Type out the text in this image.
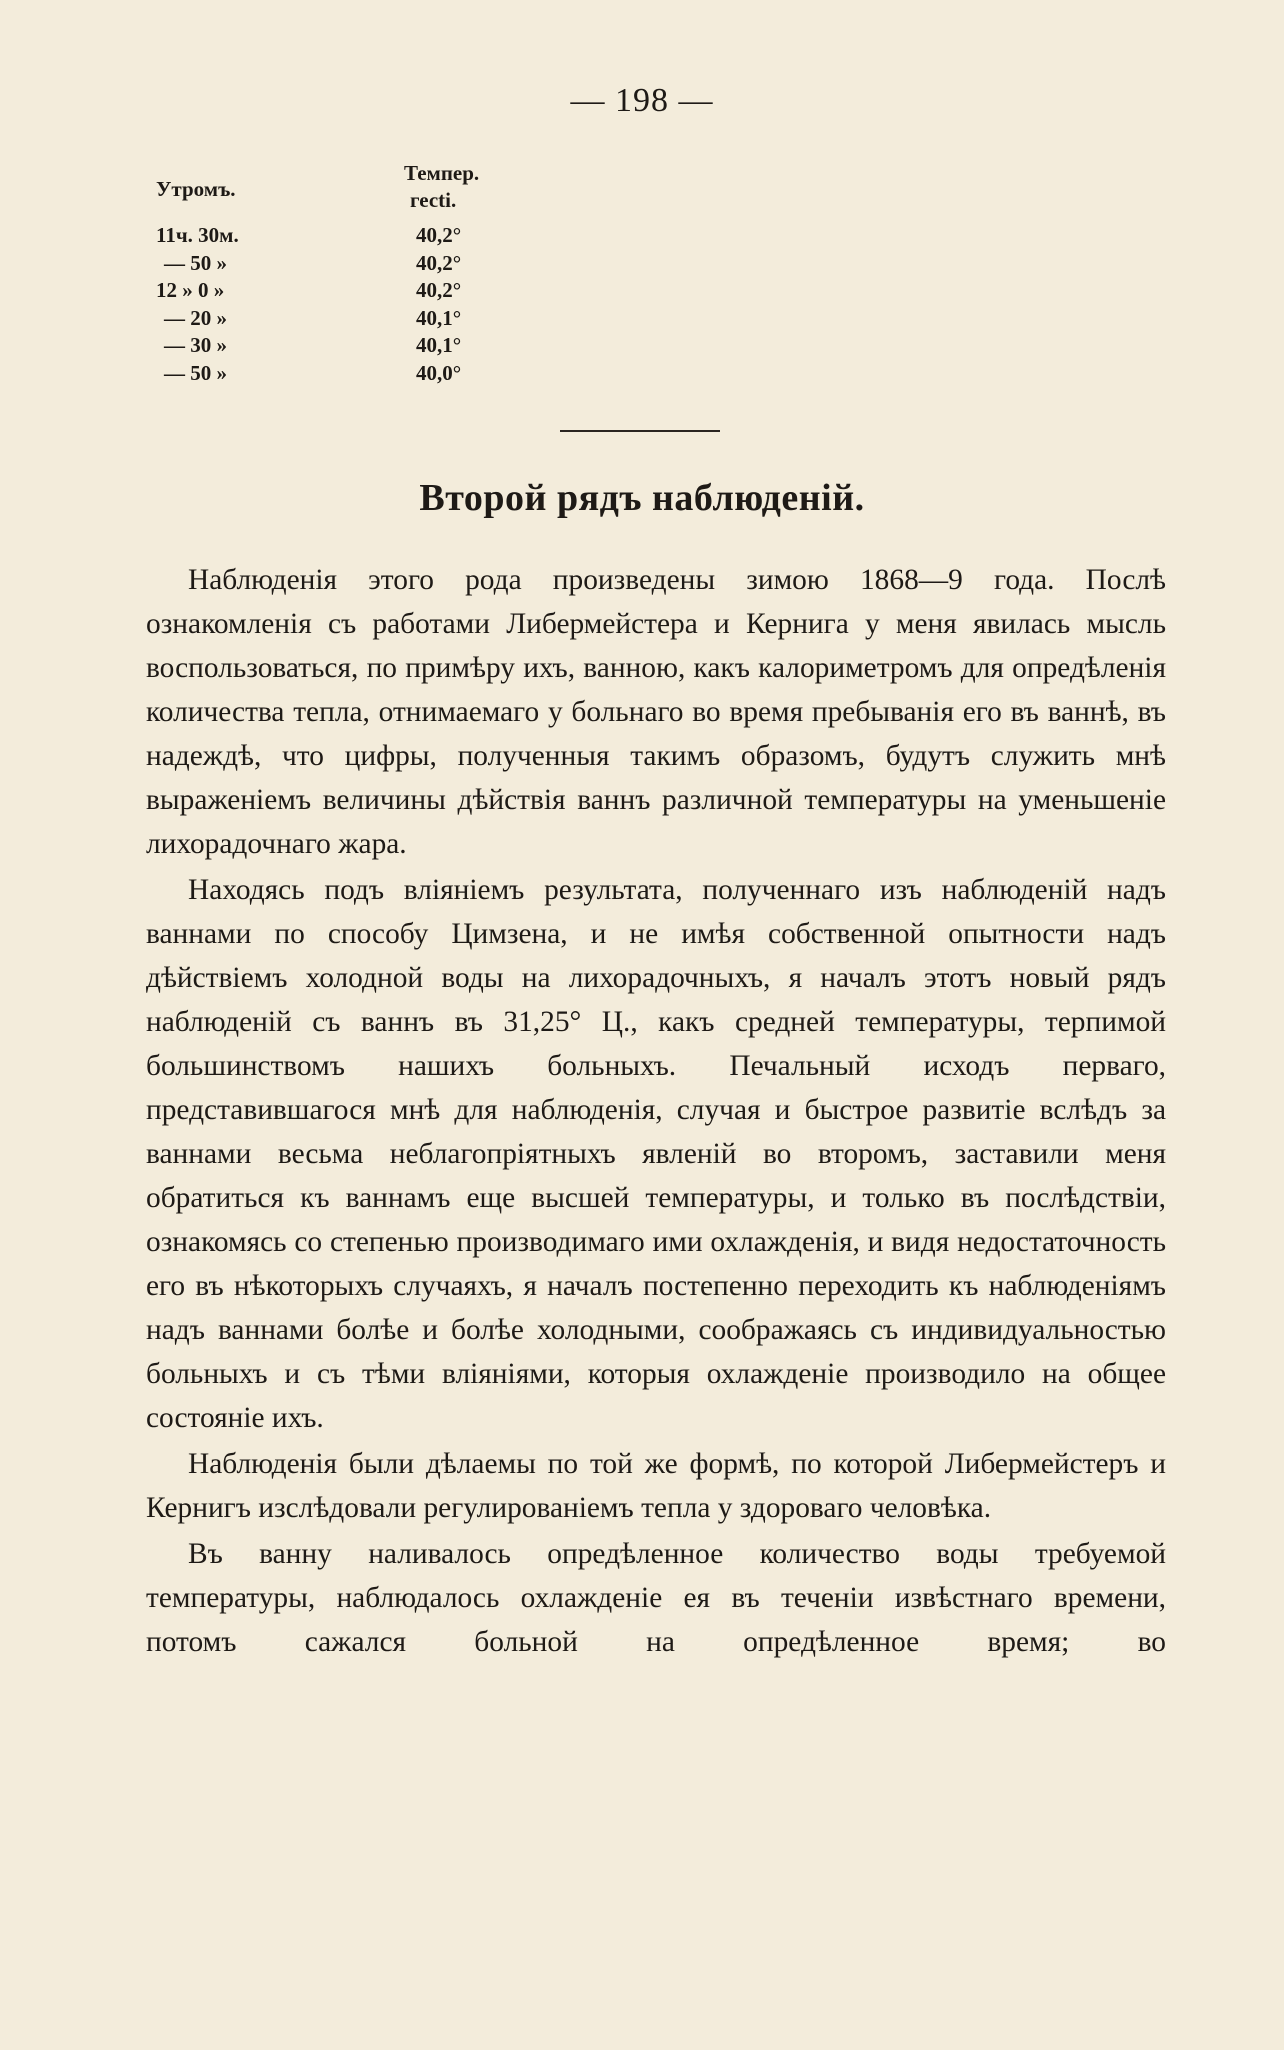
— 198 —
Утромъ.
Темпер.
гесti.
11ч. 30м.	40,2°
— 50 »	40,2°
12 » 0 »	40,2°
— 20 »	40,1°
— 30 »	40,1°
— 50 »	40,0°
Второй рядъ наблюденій.

Наблюденія этого рода произведены зимою 1868—9 года. Послѣ ознакомленія съ работами Либермейстера и Кернига у меня явилась мысль воспользоваться, по примѣру ихъ, ванною, какъ калориметромъ для опредѣленія количества тепла, отнимаемаго у больнаго во время пребыванія его въ ваннѣ, въ надеждѣ, что цифры, полученныя такимъ образомъ, будутъ служить мнѣ выраженіемъ величины дѣйствія ваннъ различной температуры на уменьшеніе лихорадочнаго жара.

Находясь подъ вліяніемъ результата, полученнаго изъ наблюденій надъ ваннами по способу Цимзена, и не имѣя собственной опытности надъ дѣйствіемъ холодной воды на лихорадочныхъ, я началъ этотъ новый рядъ наблюденій съ ваннъ въ 31,25° Ц., какъ средней температуры, терпимой большинствомъ нашихъ больныхъ. Печальный исходъ перваго, представившагося мнѣ для наблюденія, случая и быстрое развитіе вслѣдъ за ваннами весьма неблагопріятныхъ явленій во второмъ, заставили меня обратиться къ ваннамъ еще высшей температуры, и только въ послѣдствіи, ознакомясь со степенью производимаго ими охлажденія, и видя недостаточность его въ нѣкоторыхъ случаяхъ, я началъ постепенно переходить къ наблюденіямъ надъ ваннами болѣе и болѣе холодными, соображаясь съ индивидуальностью больныхъ и съ тѣми вліяніями, которыя охлажденіе производило на общее состояніе ихъ.

Наблюденія были дѣлаемы по той же формѣ, по которой Либермейстеръ и Кернигъ изслѣдовали регулированіемъ тепла у здороваго человѣка.

Въ ванну наливалось опредѣленное количество воды требуемой температуры, наблюдалось охлажденіе ея въ теченіи извѣстнаго времени, потомъ сажался больной на опредѣленное время; во
